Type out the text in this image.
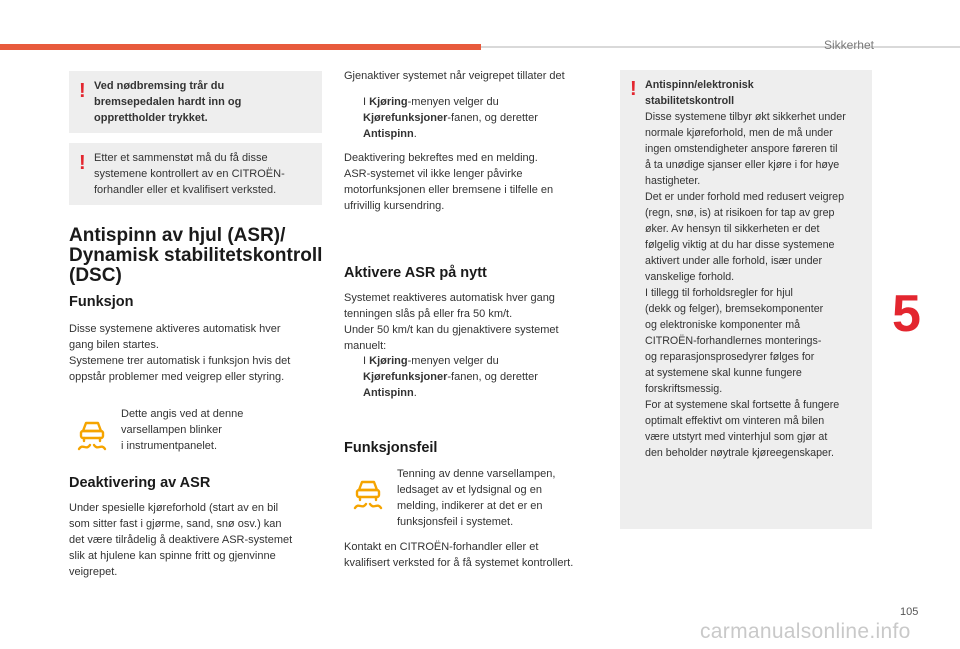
Sikkerhet
5
105
carmanualsonline.info
! Ved nødbremsing trår du
bremsepedalen hardt inn og
opprettholder trykket.
! Etter et sammenstøt må du få disse
systemene kontrollert av en CITROËN-
forhandler eller et kvalifisert verksted.
Antispinn av hjul (ASR)/
Dynamisk stabilitetskontroll
(DSC)
Funksjon
Disse systemene aktiveres automatisk hver
gang bilen startes.
Systemene trer automatisk i funksjon hvis det
oppstår problemer med veigrep eller styring.
Dette angis ved at denne
varsellampen blinker
i instrumentpanelet.
Deaktivering av ASR
Under spesielle kjøreforhold (start av en bil
som sitter fast i gjørme, sand, snø osv.) kan
det være tilrådelig å deaktivere ASR-systemet
slik at hjulene kan spinne fritt og gjenvinne
veigrepet.
Gjenaktiver systemet når veigrepet tillater det
I Kjøring-menyen velger du
Kjørefunksjoner-fanen, og deretter
Antispinn.
Deaktivering bekreftes med en melding.
ASR-systemet vil ikke lenger påvirke
motorfunksjonen eller bremsene i tilfelle en
ufrivillig kursendring.
Aktivere ASR på nytt
Systemet reaktiveres automatisk hver gang
tenningen slås på eller fra 50 km/t.
Under 50 km/t kan du gjenaktivere systemet
manuelt:
I Kjøring-menyen velger du
Kjørefunksjoner-fanen, og deretter
Antispinn.
Funksjonsfeil
Tenning av denne varsellampen,
ledsaget av et lydsignal og en
melding, indikerer at det er en
funksjonsfeil i systemet.
Kontakt en CITROËN-forhandler eller et
kvalifisert verksted for å få systemet kontrollert.
! Antispinn/elektronisk
stabilitetskontroll
Disse systemene tilbyr økt sikkerhet under
normale kjøreforhold, men de må under
ingen omstendigheter anspore føreren til
å ta unødige sjanser eller kjøre i for høye
hastigheter.
Det er under forhold med redusert veigrep
(regn, snø, is) at risikoen for tap av grep
øker. Av hensyn til sikkerheten er det
følgelig viktig at du har disse systemene
aktivert under alle forhold, især under
vanskelige forhold.
I tillegg til forholdsregler for hjul
(dekk og felger), bremsekomponenter
og elektroniske komponenter må
CITROËN-forhandlernes monterings-
og reparasjonsprosedyrer følges for
at systemene skal kunne fungere
forskriftsmessig.
For at systemene skal fortsette å fungere
optimalt effektivt om vinteren må bilen
være utstyrt med vinterhjul som gjør at
den beholder nøytrale kjøreegenskaper.
